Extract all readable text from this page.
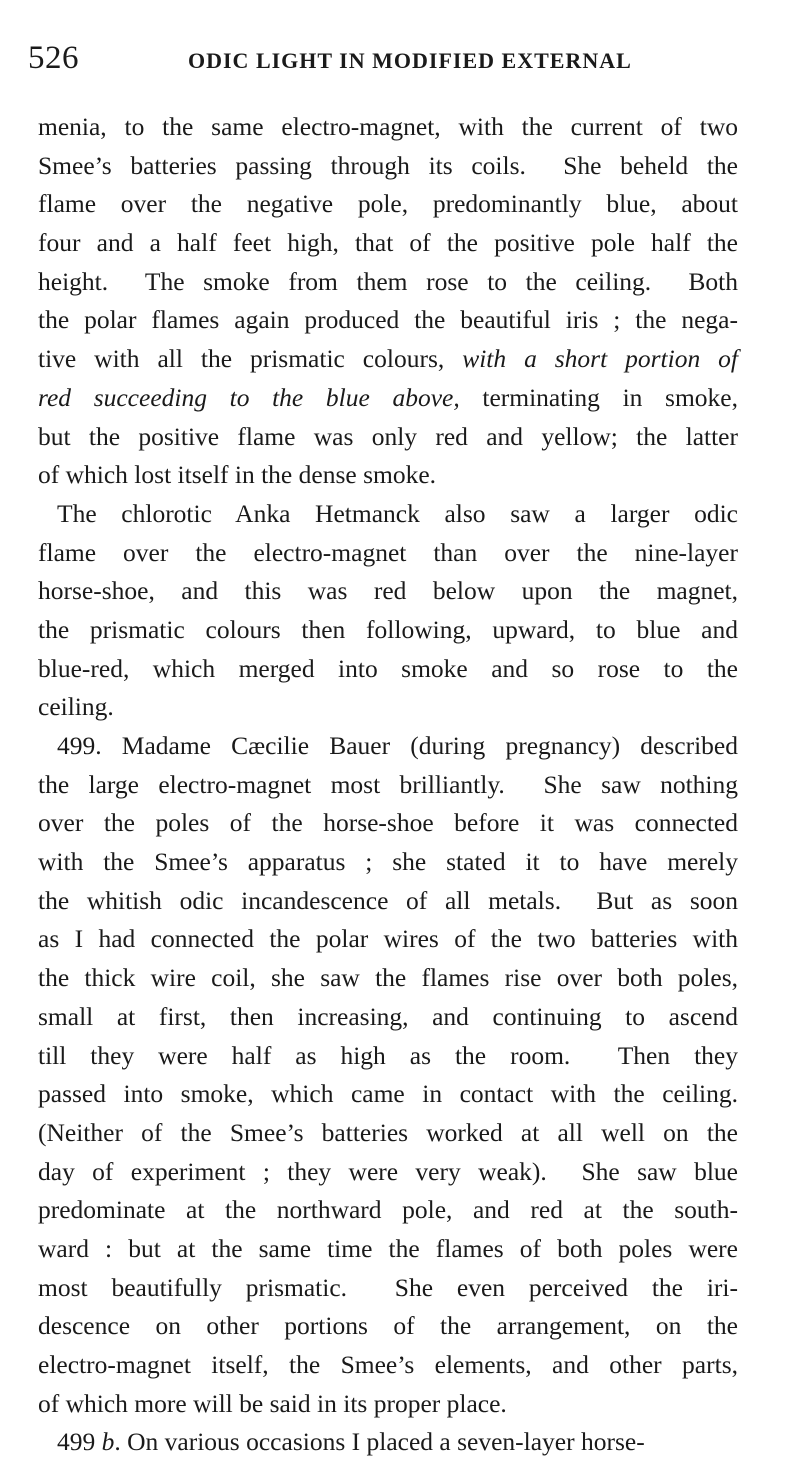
526	ODIC LIGHT IN MODIFIED EXTERNAL
menia, to the same electro-magnet, with the current of two
Smee’s batteries passing through its coils.  She beheld the
flame over the negative pole, predominantly blue, about
four and a half feet high, that of the positive pole half the
height.  The smoke from them rose to the ceiling.  Both
the polar flames again produced the beautiful iris ; the nega-
tive with all the prismatic colours, with a short portion of
red succeeding to the blue above, terminating in smoke,
but the positive flame was only red and yellow; the latter
of which lost itself in the dense smoke.
The chlorotic Anka Hetmanck also saw a larger odic
flame over the electro-magnet than over the nine-layer
horse-shoe, and this was red below upon the magnet,
the prismatic colours then following, upward, to blue and
blue-red, which merged into smoke and so rose to the
ceiling.
499. Madame Cæcilie Bauer (during pregnancy) described
the large electro-magnet most brilliantly.  She saw nothing
over the poles of the horse-shoe before it was connected
with the Smee’s apparatus ; she stated it to have merely
the whitish odic incandescence of all metals.  But as soon
as I had connected the polar wires of the two batteries with
the thick wire coil, she saw the flames rise over both poles,
small at first, then increasing, and continuing to ascend
till they were half as high as the room.  Then they
passed into smoke, which came in contact with the ceiling.
(Neither of the Smee’s batteries worked at all well on the
day of experiment ; they were very weak).  She saw blue
predominate at the northward pole, and red at the south-
ward : but at the same time the flames of both poles were
most beautifully prismatic.  She even perceived the iri-
descence on other portions of the arrangement, on the
electro-magnet itself, the Smee’s elements, and other parts,
of which more will be said in its proper place.
499 b. On various occasions I placed a seven-layer horse-
